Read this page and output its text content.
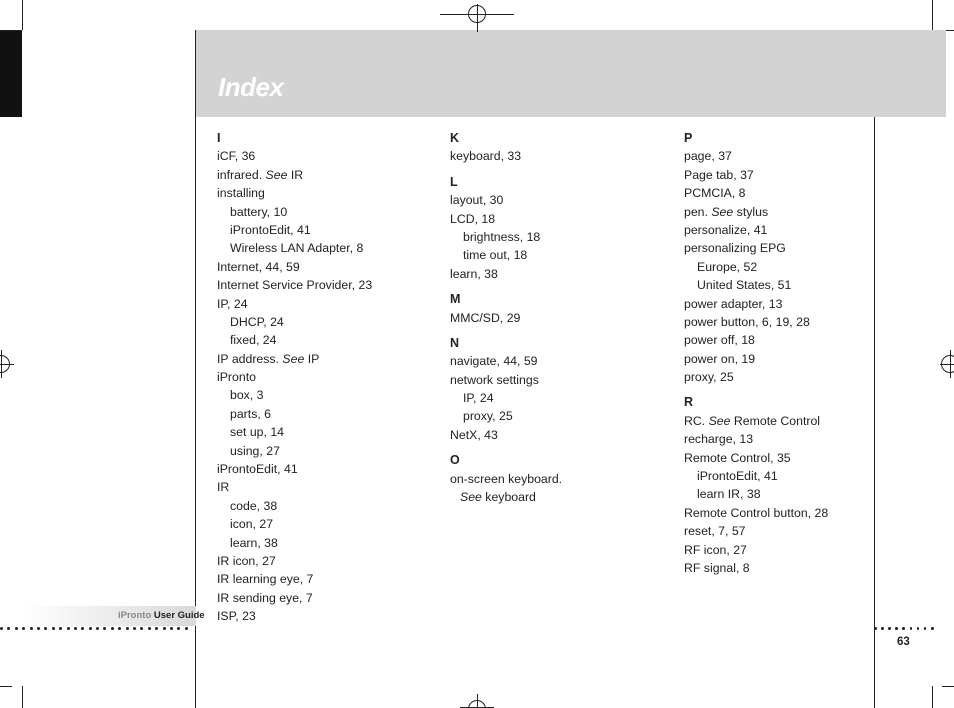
Index
I
iCF, 36
infrared. See IR
installing
battery, 10
iProntoEdit, 41
Wireless LAN Adapter, 8
Internet, 44, 59
Internet Service Provider, 23
IP, 24
DHCP, 24
fixed, 24
IP address. See IP
iPronto
box, 3
parts, 6
set up, 14
using, 27
iProntoEdit, 41
IR
code, 38
icon, 27
learn, 38
IR icon, 27
IR learning eye, 7
IR sending eye, 7
ISP, 23
K
keyboard, 33
L
layout, 30
LCD, 18
brightness, 18
time out, 18
learn, 38
M
MMC/SD, 29
N
navigate, 44, 59
network settings
IP, 24
proxy, 25
NetX, 43
O
on-screen keyboard.
See keyboard
P
page, 37
Page tab, 37
PCMCIA, 8
pen. See stylus
personalize, 41
personalizing EPG
Europe, 52
United States, 51
power adapter, 13
power button, 6, 19, 28
power off, 18
power on, 19
proxy, 25
R
RC. See Remote Control
recharge, 13
Remote Control, 35
iProntoEdit, 41
learn IR, 38
Remote Control button, 28
reset, 7, 57
RF icon, 27
RF signal, 8
iPronto User Guide
63
